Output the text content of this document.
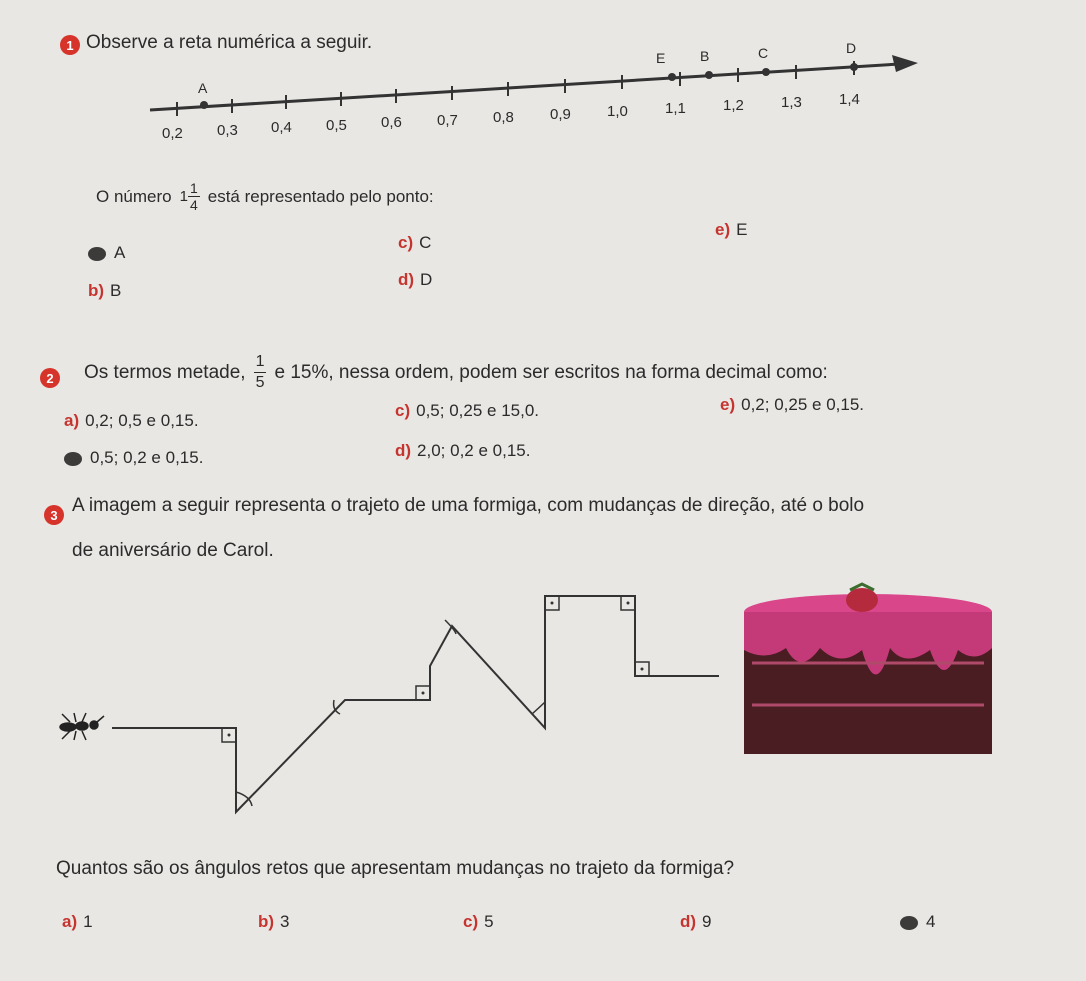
1 Observe a reta numérica a seguir.
A
E B	C	D
0,2 0,3 0,4 0,5 0,6 0,7 0,8 0,9 1,0 1,1 1,2 1,3 1,4
O número $1 \frac{1}{4}$ está representado pelo ponto:
A
b) B
c) C
d) D
e) E
2	Os termos metade, $\frac{1}{5}$ e 15%, nessa ordem, podem ser escritos na forma decimal como:
a) 0,2; 0,5 e 0,15.
0,5; 0,2 e 0,15.
c) 0,5; 0,25 e 15,0.
d) 2,0; 0,2 e 0,15.
e) 0,2; 0,25 e 0,15.
3 A imagem a seguir representa o trajeto de uma formiga, com mudanças de direção, até o bolo
de aniversário de Carol.
Quantos são os ângulos retos que apresentam mudanças no trajeto da formiga?
a) 1	b) 3	c) 5	d) 9	4
